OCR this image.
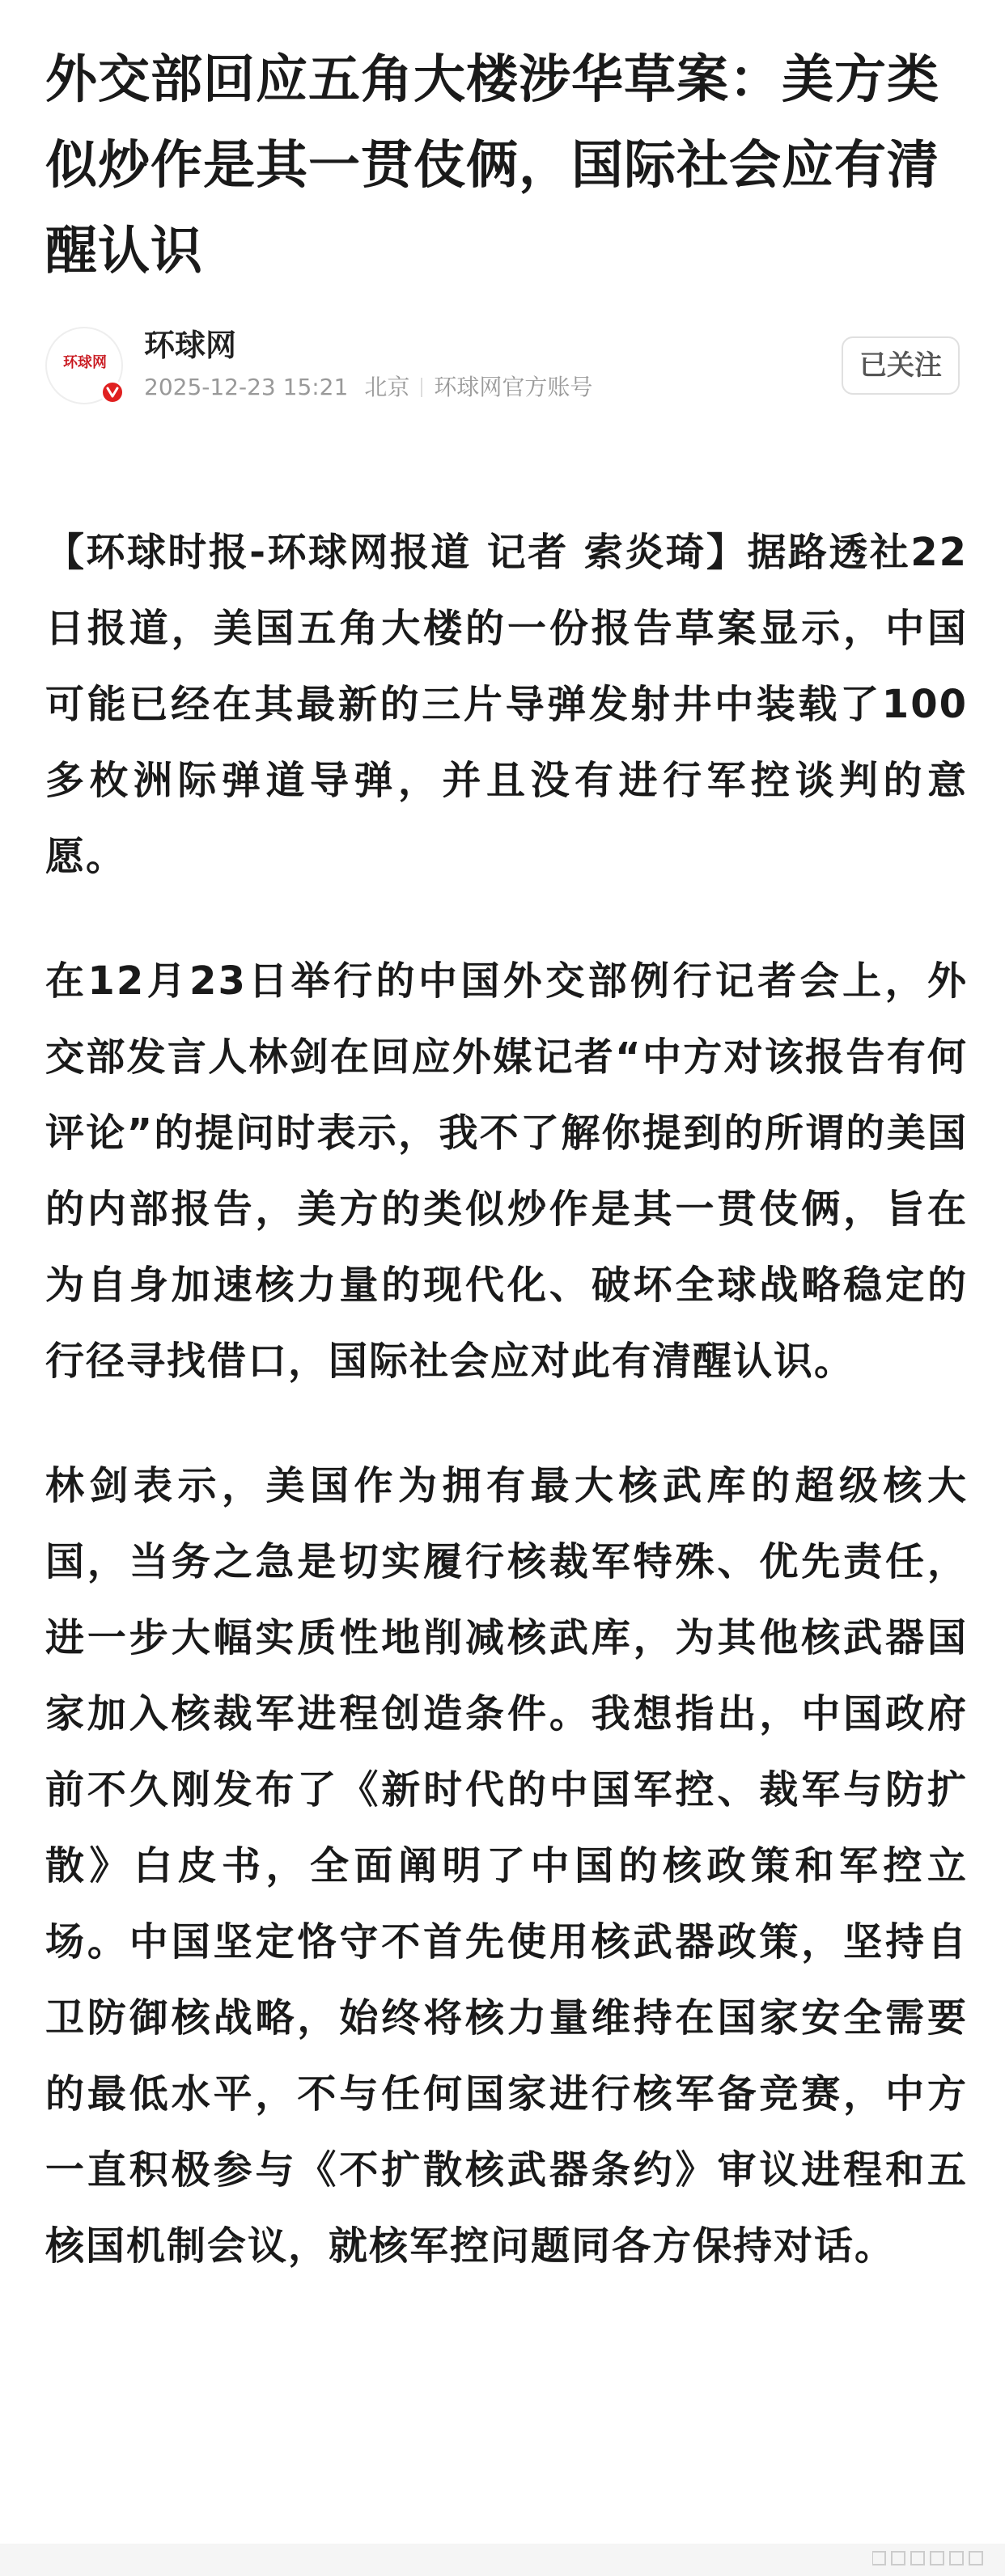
外交部回应五角大楼涉华草案：美方类似炒作是其一贯伎俩，国际社会应有清醒认识
环球网	环球网
2025-12-23 15:21 北京 环球网官方账号
已关注

【环球时报-环球网报道 记者 索炎琦】据路透社22日报道，美国五角大楼的一份报告草案显示，中国可能已经在其最新的三片导弹发射井中装载了100多枚洲际弹道导弹，并且没有进行军控谈判的意愿。

在12月23日举行的中国外交部例行记者会上，外交部发言人林剑在回应外媒记者“中方对该报告有何评论”的提问时表示，我不了解你提到的所谓的美国的内部报告，美方的类似炒作是其一贯伎俩，旨在为自身加速核力量的现代化、破坏全球战略稳定的行径寻找借口，国际社会应对此有清醒认识。

林剑表示，美国作为拥有最大核武库的超级核大国，当务之急是切实履行核裁军特殊、优先责任，进一步大幅实质性地削减核武库，为其他核武器国家加入核裁军进程创造条件。我想指出，中国政府前不久刚发布了《新时代的中国军控、裁军与防扩散》白皮书，全面阐明了中国的核政策和军控立场。中国坚定恪守不首先使用核武器政策，坚持自卫防御核战略，始终将核力量维持在国家安全需要的最低水平，不与任何国家进行核军备竞赛，中方一直积极参与《不扩散核武器条约》审议进程和五核国机制会议，就核军控问题同各方保持对话。
